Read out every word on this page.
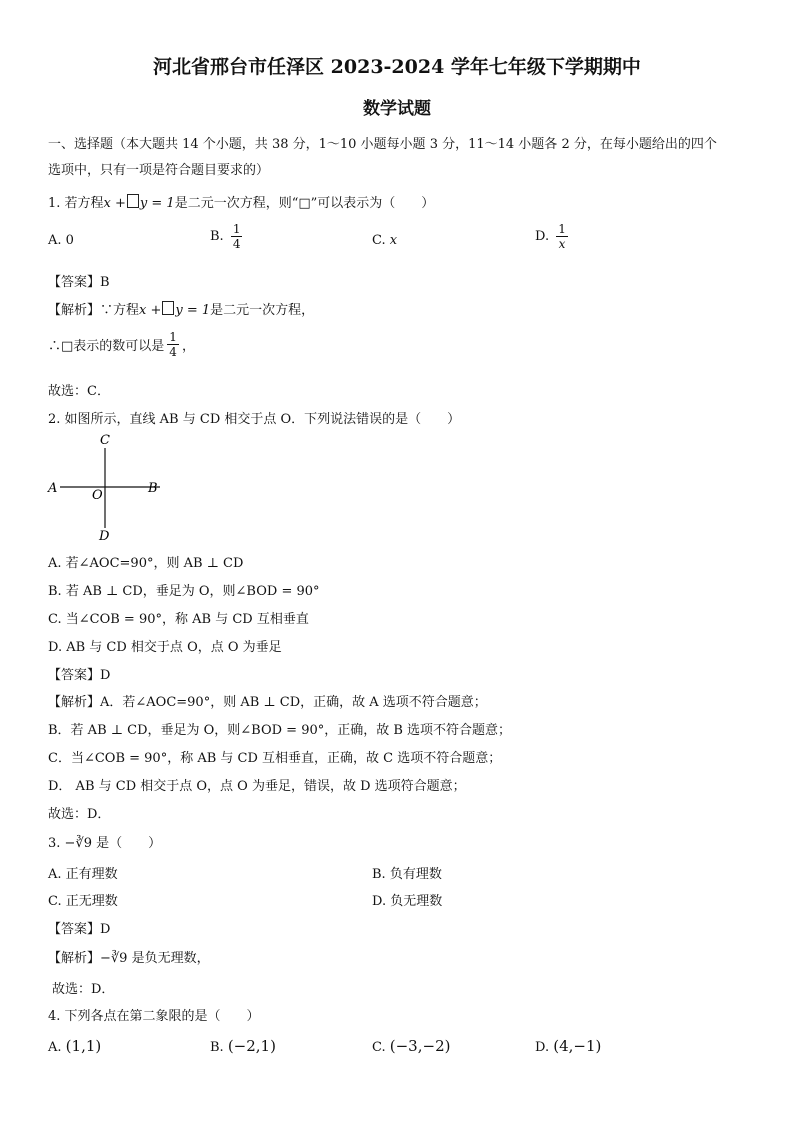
河北省邢台市任泽区 2023-2024 学年七年级下学期期中
数学试题
一、选择题（本大题共 14 个小题，共 38 分，1～10 小题每小题 3 分，11～14 小题各 2 分，在每小题给出的四个
选项中，只有一项是符合题目要求的）
1. 若方程x + y = 1是二元一次方程，则“□”可以表示为（　　）
A. 0	B. $\frac{1}{4}$	C. x	D. $\frac{1}{x}$
【答案】B
【解析】∵方程x + y = 1是二元一次方程，
∴□表示的数可以是 $\frac{1}{4}$ ，
故选：C．
2. 如图所示，直线 AB 与 CD 相交于点 O．下列说法错误的是（　　）
A	B
C
D
O
A. 若∠AOC=90°，则 AB ⊥ CD
B. 若 AB ⊥ CD，垂足为 O，则∠BOD = 90°
C. 当∠COB = 90°，称 AB 与 CD 互相垂直
D. AB 与 CD 相交于点 O，点 O 为垂足
【答案】D
【解析】A．若∠AOC=90°，则 AB ⊥ CD，正确，故 A 选项不符合题意；
B．若 AB ⊥ CD，垂足为 O，则∠BOD = 90°，正确，故 B 选项不符合题意；
C．当∠COB = 90°，称 AB 与 CD 互相垂直，正确，故 C 选项不符合题意；
D． AB 与 CD 相交于点 O，点 O 为垂足，错误，故 D 选项符合题意；
故选：D．
3. −∛9 是（　　）
A. 正有理数	B. 负有理数
C. 正无理数	D. 负无理数
【答案】D
【解析】−∛9 是负无理数，
故选：D．
4. 下列各点在第二象限的是（　　）
A. (1,1)	B. (−2,1)	C. (−3,−2)	D. (4,−1)
